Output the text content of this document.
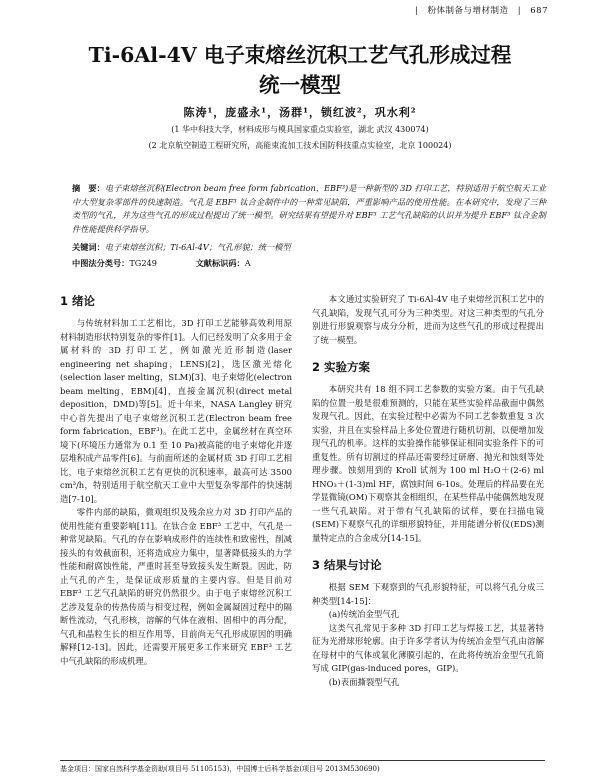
| 粉体制备与增材制造 | 687
Ti-6Al-4V 电子束熔丝沉积工艺气孔形成过程
统一模型
陈涛¹，庞盛永¹，汤群¹，锁红波²，巩水利²
(1 华中科技大学，材料成形与模具国家重点实验室，湖北 武汉 430074)
(2 北京航空制造工程研究所，高能束流加工技术国防科技重点实验室，北京 100024)
摘　要：电子束熔丝沉积(Electron beam free form fabrication，EBF³)是一种新型的 3D 打印工艺，特别适用于航空航天工业中大型复杂零部件的快速制造。气孔是 EBF³ 钛合金制件中的一种常见缺陷，严重影响产品的使用性能。在本研究中，发现了三种类型的气孔，并为这些气孔的形成过程提出了统一模型。研究结果有望提升对 EBF³ 工艺气孔缺陷的认识并为提升 EBF³ 钛合金制件性能提供科学指导。
关键词：电子束熔丝沉积；Ti-6Al-4V；气孔形貌；统一模型
中图法分类号：TG249	文献标识码：A
1 绪论

与传统材料加工工艺相比，3D 打印工艺能够高效利用原材料制造形状特别复杂的零件[1]。人们已经发明了众多用于金属材料的 3D 打印工艺，例如激光近形制造(laser engineering net shaping，LENS)[2]，选区激光熔化(selection laser melting，SLM)[3]、电子束熔化(electron beam melting，EBM)[4]，直接金属沉积(direct metal deposition，DMD)等[5]。近十年来，NASA Langley 研究中心首先提出了电子束熔丝沉积工艺(Electron beam free form fabrication，EBF³)。在此工艺中，金属丝材在真空环境下(环境压力通常为 0.1 至 10 Pa)被高能的电子束熔化并逐层堆积成产品零件[6]。与前面所述的金属材质 3D 打印工艺相比，电子束熔丝沉积工艺有更快的沉积速率，最高可达 3500 cm³/h，特别适用于航空航天工业中大型复杂零部件的快速制造[7-10]。

零件内部的缺陷，微观组织及残余应力对 3D 打印产品的使用性能有重要影响[11]。在钛合金 EBF³ 工艺中，气孔是一种常见缺陷。气孔的存在影响成形件的连续性和致密性，削减接头的有效截面积，还将造成应力集中，显著降低接头的力学性能和耐腐蚀性能，严重时甚至导致接头发生断裂。因此，防止气孔的产生，是保证成形质量的主要内容。但是目前对 EBF³ 工艺气孔缺陷的研究仍然很少。由于电子束熔丝沉积工艺涉及复杂的传热传质与相变过程，例如金属凝固过程中的隔断性流动，气孔形核，溶解的气体在液相、固相中的再分配，气孔和晶粒生长的相互作用等，目前尚无气孔形成原因的明确解释[12-13]。因此，还需要开展更多工作来研究 EBF³ 工艺中气孔缺陷的形成机理。

本文通过实验研究了 Ti-6Al-4V 电子束熔丝沉积工艺中的气孔缺陷，发现气孔可分为三种类型。对这三种类型的气孔分别进行形貌观察与成分分析，进而为这些气孔的形成过程提出了统一模型。

2 实验方案

本研究共有 18 组不同工艺参数的实验方案。由于气孔缺陷的位置一般是很难预测的，只能在某些实验样品截面中偶然发现气孔。因此，在实验过程中必需为不同工艺参数重复 3 次实验，并且在实验样品上多处位置进行随机切割，以便增加发现气孔的机率。这样的实验操作能够保证相同实验条件下的可重复性。所有切割过的样品还需要经过研磨、抛光和蚀刻等处理步骤。蚀刻用到的 Kroll 试剂为 100 ml H₂O＋(2-6) ml HNO₃＋(1-3)ml HF，腐蚀时间 6-10s。处理后的样品要在光学显微镜(OM)下观察其金相组织，在某些样品中能偶然地发现一些气孔缺陷。对于带有气孔缺陷的试样，要在扫描电镜(SEM)下观察气孔的详细形貌特征，并用能谱分析仪(EDS)测量特定点的合金成分[14-15]。

3 结果与讨论

根据 SEM 下观察到的气孔形貌特征，可以将气孔分成三种类型[14-15]：

(a)传统冶金型气孔

这类气孔常见于多种 3D 打印工艺与焊接工艺，其显著特征为光滑球形轮廓。由于许多学者认为传统冶金型气孔由溶解在母材中的气体或氧化薄膜引起的，在此将传统冶金型气孔简写成 GIP(gas-induced pores，GIP)。

(b)表面撕裂型气孔

基金项目：国家自然科学基金资助(项目号 51105153)，中国博士后科学基金(项目号 2013M530690)
